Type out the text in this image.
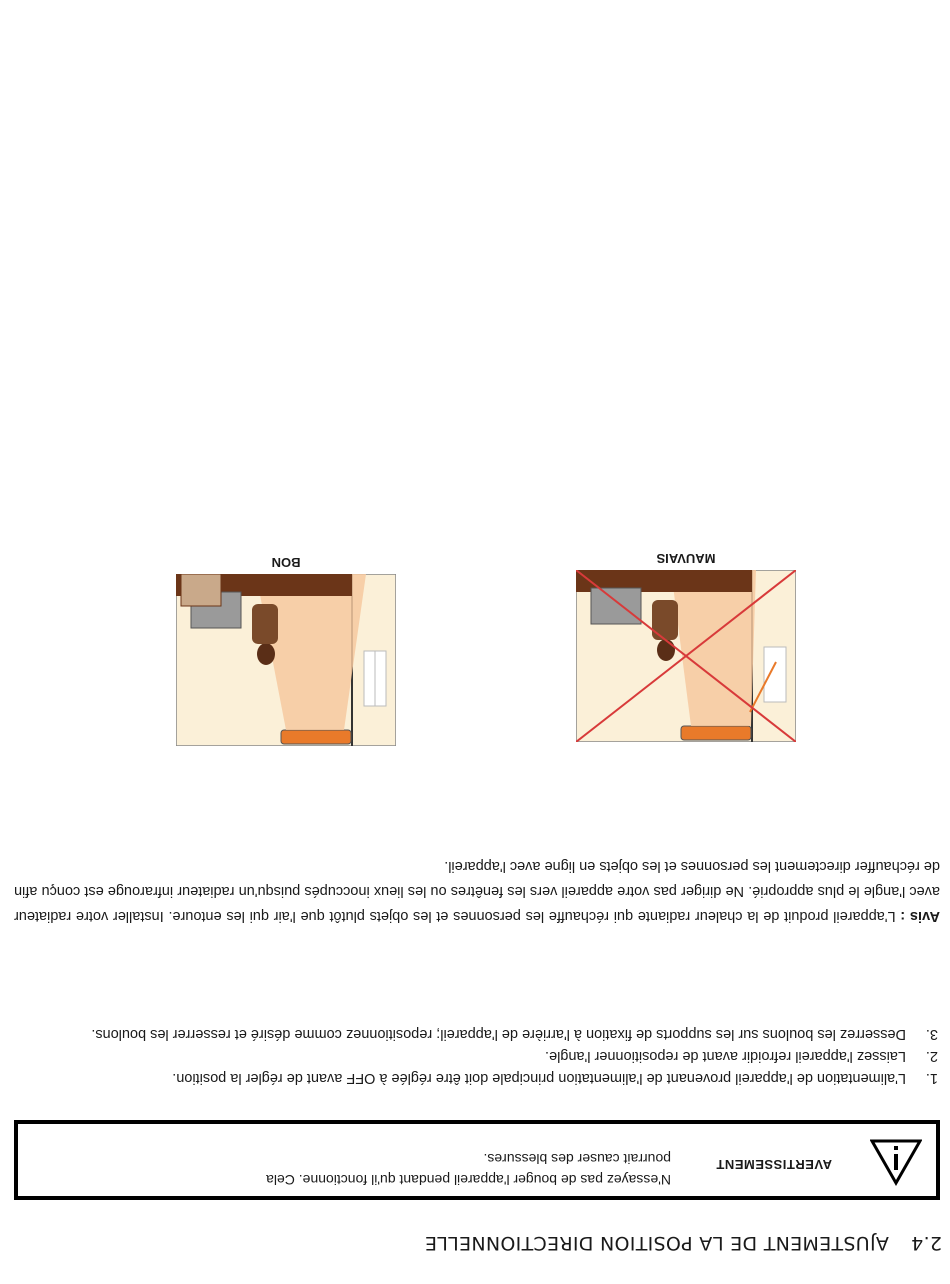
2.4AJUSTEMENT DE LA POSITION DIRECTIONNELLE
AVERTISSEMENT
N'essayez pas de bouger l'appareil pendant qu'il fonctionne. Cela pourrait causer des blessures.
1.
L'alimentation de l'appareil provenant de l'alimentation principale doit être réglée à OFF avant de régler la position.
2.
Laissez l'appareil refroidir avant de repositionner l'angle.
3.
Desserrez les boulons sur les supports de fixation à l'arrière de l'appareil; repositionnez comme désiré et resserrer les boulons.
Avis : L'appareil produit de la chaleur radiante qui réchauffe les personnes et les objets plutôt que l'air qui les entoure. Installer votre radiateur avec l'angle le plus approprié. Ne diriger pas votre appareil vers les fenêtres ou les lieux inoccupés puisqu'un radiateur infrarouge est conçu afin de réchauffer directement les personnes et les objets en ligne avec l'appareil.
BON	MAUVAIS
